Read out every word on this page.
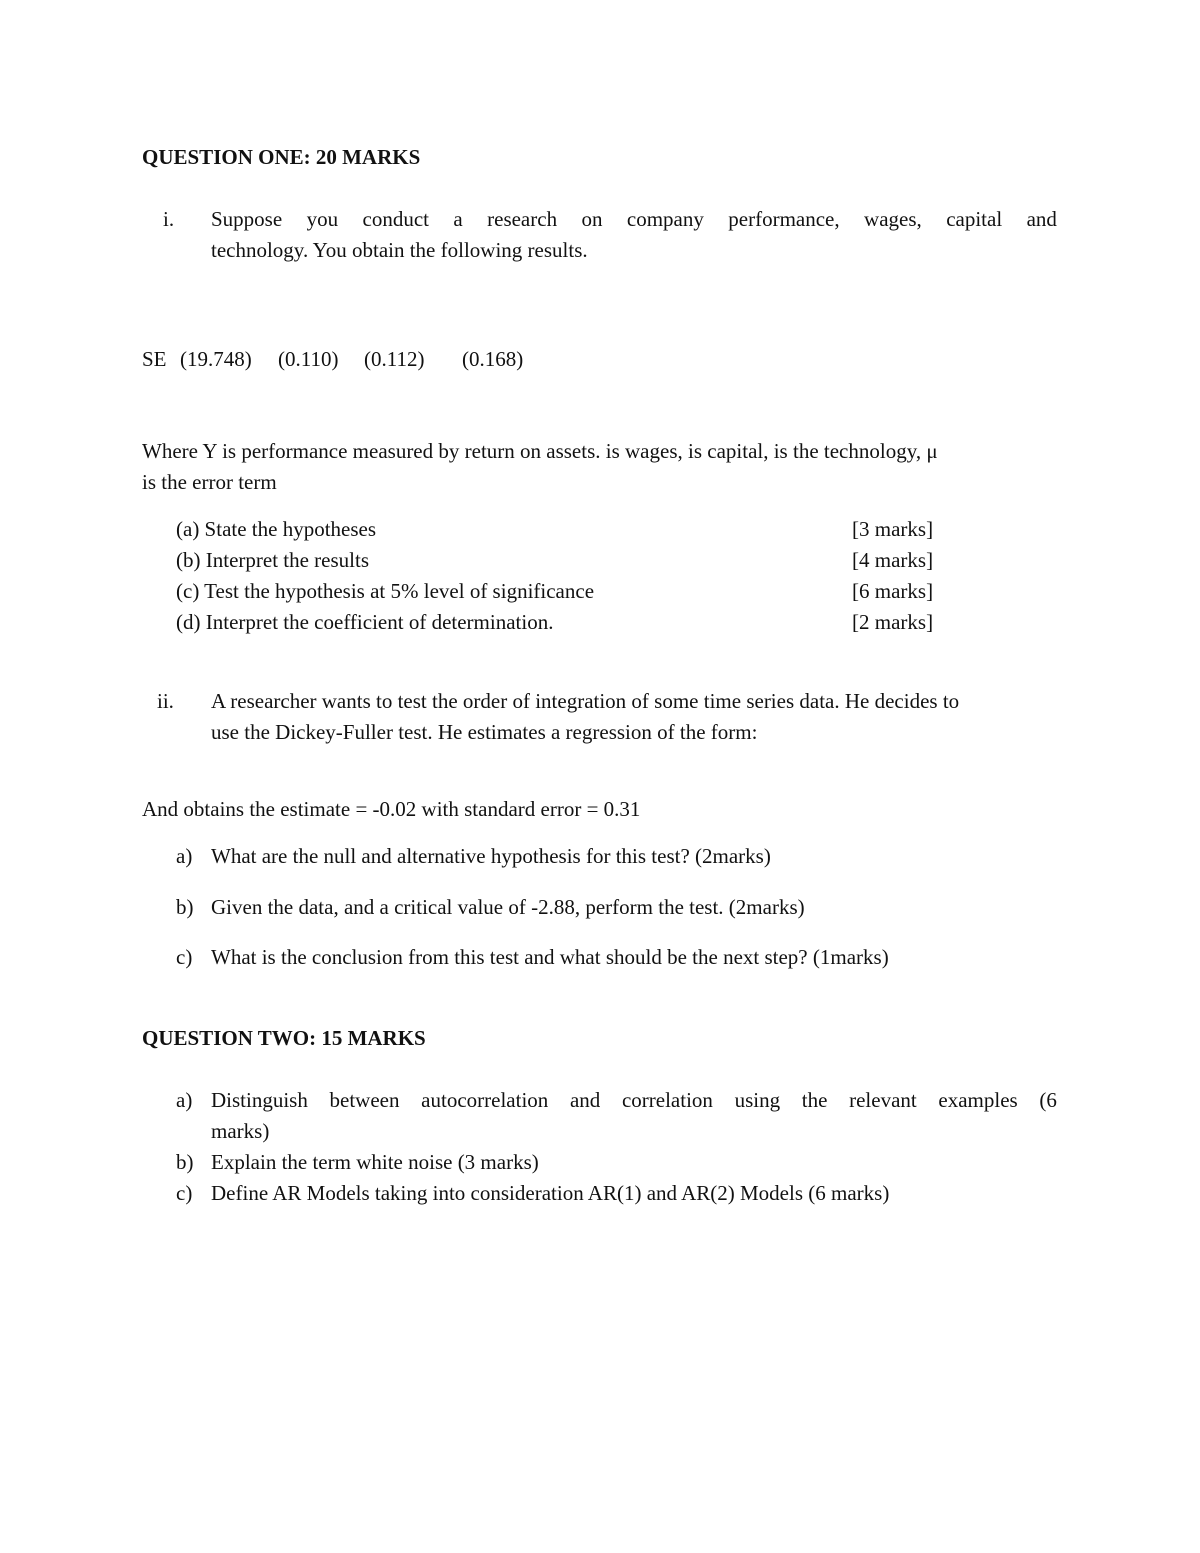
QUESTION ONE: 20 MARKS
i. Suppose you conduct a research on company performance, wages, capital and
technology. You obtain the following results.
SE (19.748) (0.110) (0.112) (0.168)
Where Y is performance measured by return on assets. is wages, is capital, is the technology, μ
is the error term
(a) State the hypotheses	[3 marks]
(b) Interpret the results	[4 marks]
(c) Test the hypothesis at 5% level of significance	[6 marks]
(d) Interpret the coefficient of determination.	[2 marks]
ii. A researcher wants to test the order of integration of some time series data. He decides to
use the Dickey-Fuller test. He estimates a regression of the form:
And obtains the estimate = -0.02 with standard error = 0.31
a) What are the null and alternative hypothesis for this test? (2marks)
b) Given the data, and a critical value of -2.88, perform the test. (2marks)
c) What is the conclusion from this test and what should be the next step? (1marks)
QUESTION TWO: 15 MARKS
a) Distinguish between autocorrelation and correlation using the relevant examples (6
marks)
b) Explain the term white noise (3 marks)
c) Define AR Models taking into consideration AR(1) and AR(2) Models (6 marks)
